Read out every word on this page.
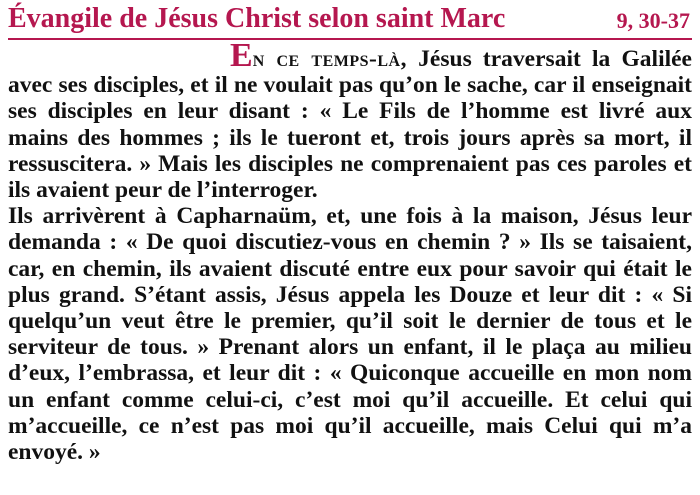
Évangile de Jésus Christ selon saint Marc	9, 30-37

En ce temps-là, Jésus traversait la Galilée avec ses disciples, et il ne voulait pas qu’on le sache, car il enseignait ses disciples en leur disant : « Le Fils de l’homme est livré aux mains des hommes ; ils le tueront et, trois jours après sa mort, il ressuscitera. » Mais les disciples ne comprenaient pas ces paroles et ils avaient peur de l’interroger.

Ils arrivèrent à Capharnaüm, et, une fois à la maison, Jésus leur demanda : « De quoi discutiez-vous en chemin ? » Ils se taisaient, car, en chemin, ils avaient discuté entre eux pour savoir qui était le plus grand. S’étant assis, Jésus appela les Douze et leur dit : « Si quelqu’un veut être le premier, qu’il soit le dernier de tous et le serviteur de tous. » Prenant alors un enfant, il le plaça au milieu d’eux, l’embrassa, et leur dit : « Quiconque accueille en mon nom un enfant comme celui-ci, c’est moi qu’il accueille. Et celui qui m’accueille, ce n’est pas moi qu’il accueille, mais Celui qui m’a envoyé. »
